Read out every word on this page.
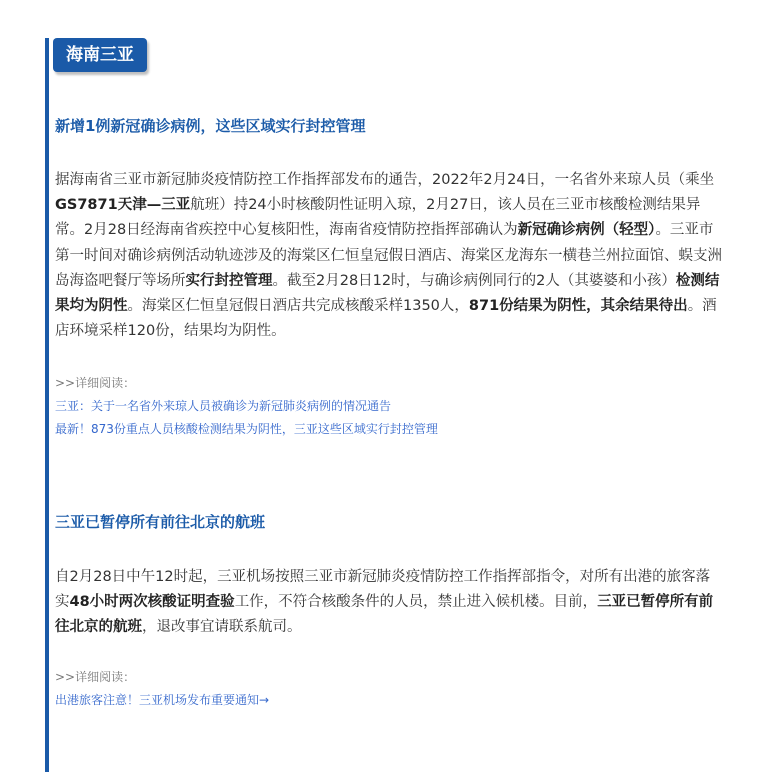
海南三亚
新增1例新冠确诊病例，这些区域实行封控管理
据海南省三亚市新冠肺炎疫情防控工作指挥部发布的通告，2022年2月24日，一名省外来琼人员（乘坐GS7871天津—三亚航班）持24小时核酸阴性证明入琼，2月27日，该人员在三亚市核酸检测结果异常。2月28日经海南省疾控中心复核阳性，海南省疫情防控指挥部确认为新冠确诊病例（轻型）。三亚市第一时间对确诊病例活动轨迹涉及的海棠区仁恒皇冠假日酒店、海棠区龙海东一横巷兰州拉面馆、蜈支洲岛海盗吧餐厅等场所实行封控管理。截至2月28日12时，与确诊病例同行的2人（其婆婆和小孩）检测结果均为阴性。海棠区仁恒皇冠假日酒店共完成核酸采样1350人，871份结果为阴性，其余结果待出。酒店环境采样120份，结果均为阴性。
>>详细阅读：
三亚：关于一名省外来琼人员被确诊为新冠肺炎病例的情况通告
最新！873份重点人员核酸检测结果为阴性，三亚这些区域实行封控管理
三亚已暂停所有前往北京的航班
自2月28日中午12时起，三亚机场按照三亚市新冠肺炎疫情防控工作指挥部指令，对所有出港的旅客落实48小时两次核酸证明查验工作，不符合核酸条件的人员，禁止进入候机楼。目前，三亚已暂停所有前往北京的航班，退改事宜请联系航司。
>>详细阅读：
出港旅客注意！三亚机场发布重要通知→
